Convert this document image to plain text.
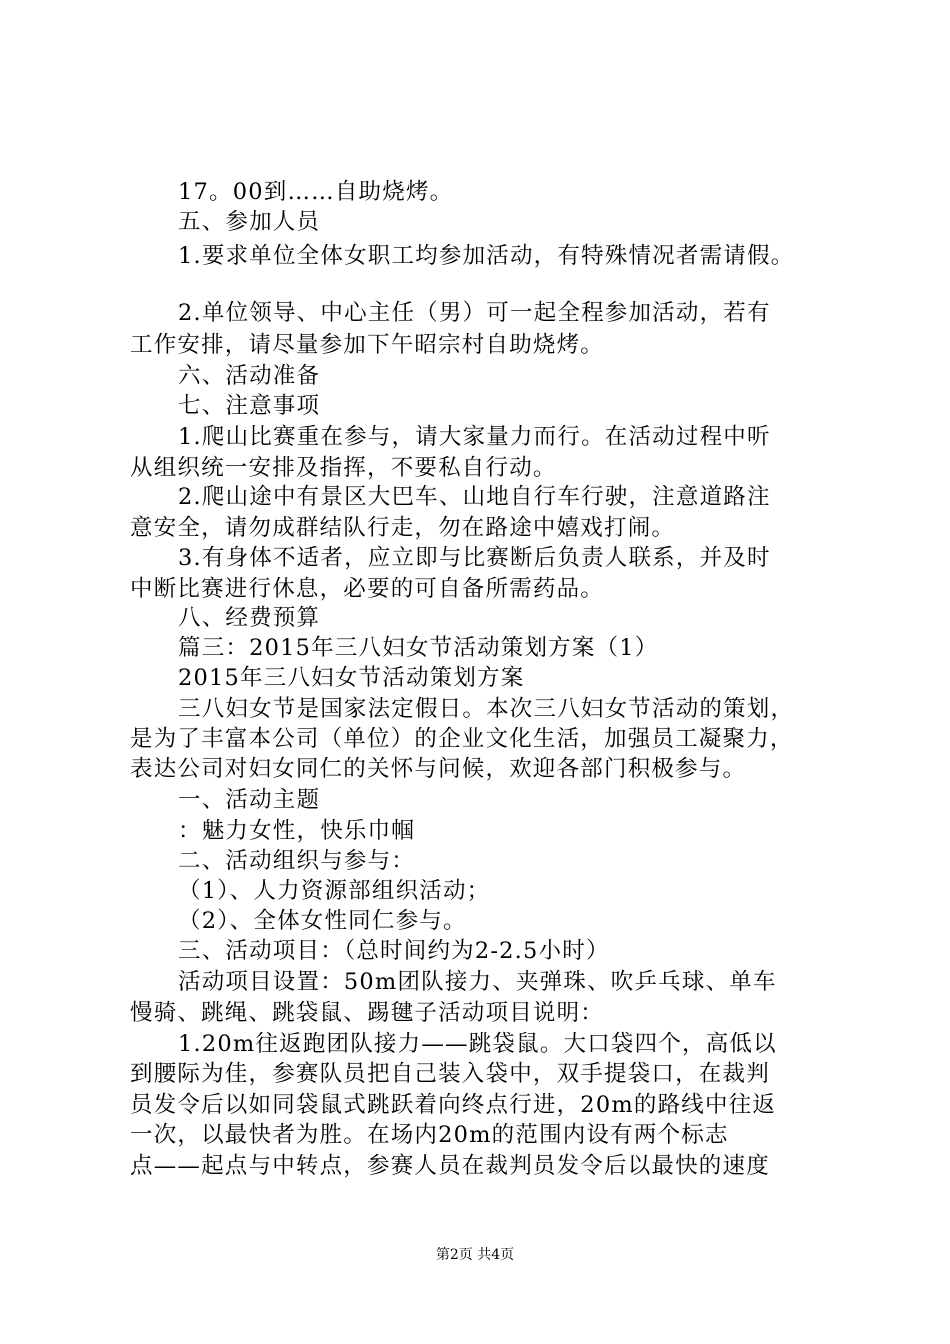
17。00到……自助烧烤。
五、参加人员
1.要求单位全体女职工均参加活动，有特殊情况者需请假。
2.单位领导、中心主任（男）可一起全程参加活动，若有
工作安排，请尽量参加下午昭宗村自助烧烤。
六、活动准备
七、注意事项
1.爬山比赛重在参与，请大家量力而行。在活动过程中听
从组织统一安排及指挥，不要私自行动。
2.爬山途中有景区大巴车、山地自行车行驶，注意道路注
意安全，请勿成群结队行走，勿在路途中嬉戏打闹。
3.有身体不适者，应立即与比赛断后负责人联系，并及时
中断比赛进行休息，必要的可自备所需药品。
八、经费预算
篇三：2015年三八妇女节活动策划方案（1）
2015年三八妇女节活动策划方案
三八妇女节是国家法定假日。本次三八妇女节活动的策划，
是为了丰富本公司（单位）的企业文化生活，加强员工凝聚力，
表达公司对妇女同仁的关怀与问候，欢迎各部门积极参与。
一、活动主题
：魅力女性，快乐巾帼
二、活动组织与参与：
（1）、人力资源部组织活动；
（2）、全体女性同仁参与。
三、活动项目：（总时间约为2-2.5小时）
活动项目设置：50m团队接力、夹弹珠、吹乒乓球、单车
慢骑、跳绳、跳袋鼠、踢毽子活动项目说明：
1.20m往返跑团队接力——跳袋鼠。大口袋四个，高低以
到腰际为佳，参赛队员把自己装入袋中，双手提袋口，在裁判
员发令后以如同袋鼠式跳跃着向终点行进，20m的路线中往返
一次，以最快者为胜。在场内20m的范围内设有两个标志
点——起点与中转点，参赛人员在裁判员发令后以最快的速度
第2页 共4页
